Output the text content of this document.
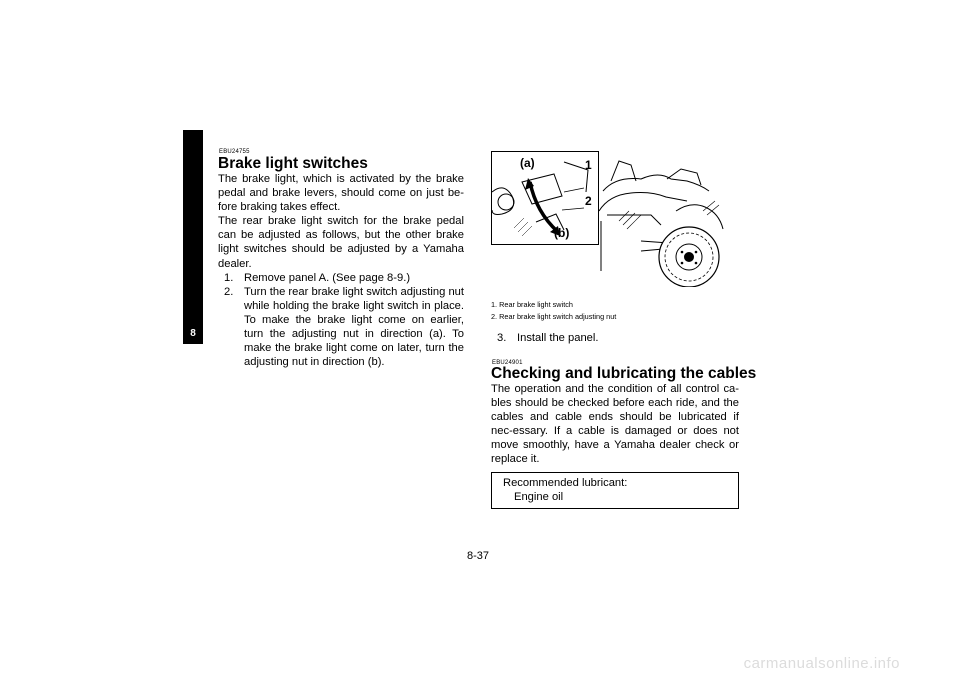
8
EBU24755
Brake light switches

The brake light, which is activated by the brake pedal and brake levers, should come on just be-fore braking takes effect.

The rear brake light switch for the brake pedal can be adjusted as follows, but the other brake light switches should be adjusted by a Yamaha dealer.

1. Remove panel A. (See page 8-9.)
2. Turn the rear brake light switch adjusting nut while holding the brake light switch in place. To make the brake light come on earlier, turn the adjusting nut in direction (a). To make the brake light come on later, turn the adjusting nut in direction (b).
(a)	1
2
(b)
1. Rear brake light switch
2. Rear brake light switch adjusting nut
3. Install the panel.
EBU24901
Checking and lubricating the cables

The operation and the condition of all control ca-bles should be checked before each ride, and the cables and cable ends should be lubricated if nec-essary. If a cable is damaged or does not move smoothly, have a Yamaha dealer check or replace it.

Recommended lubricant:
Engine oil
8-37
carmanualsonline.info
